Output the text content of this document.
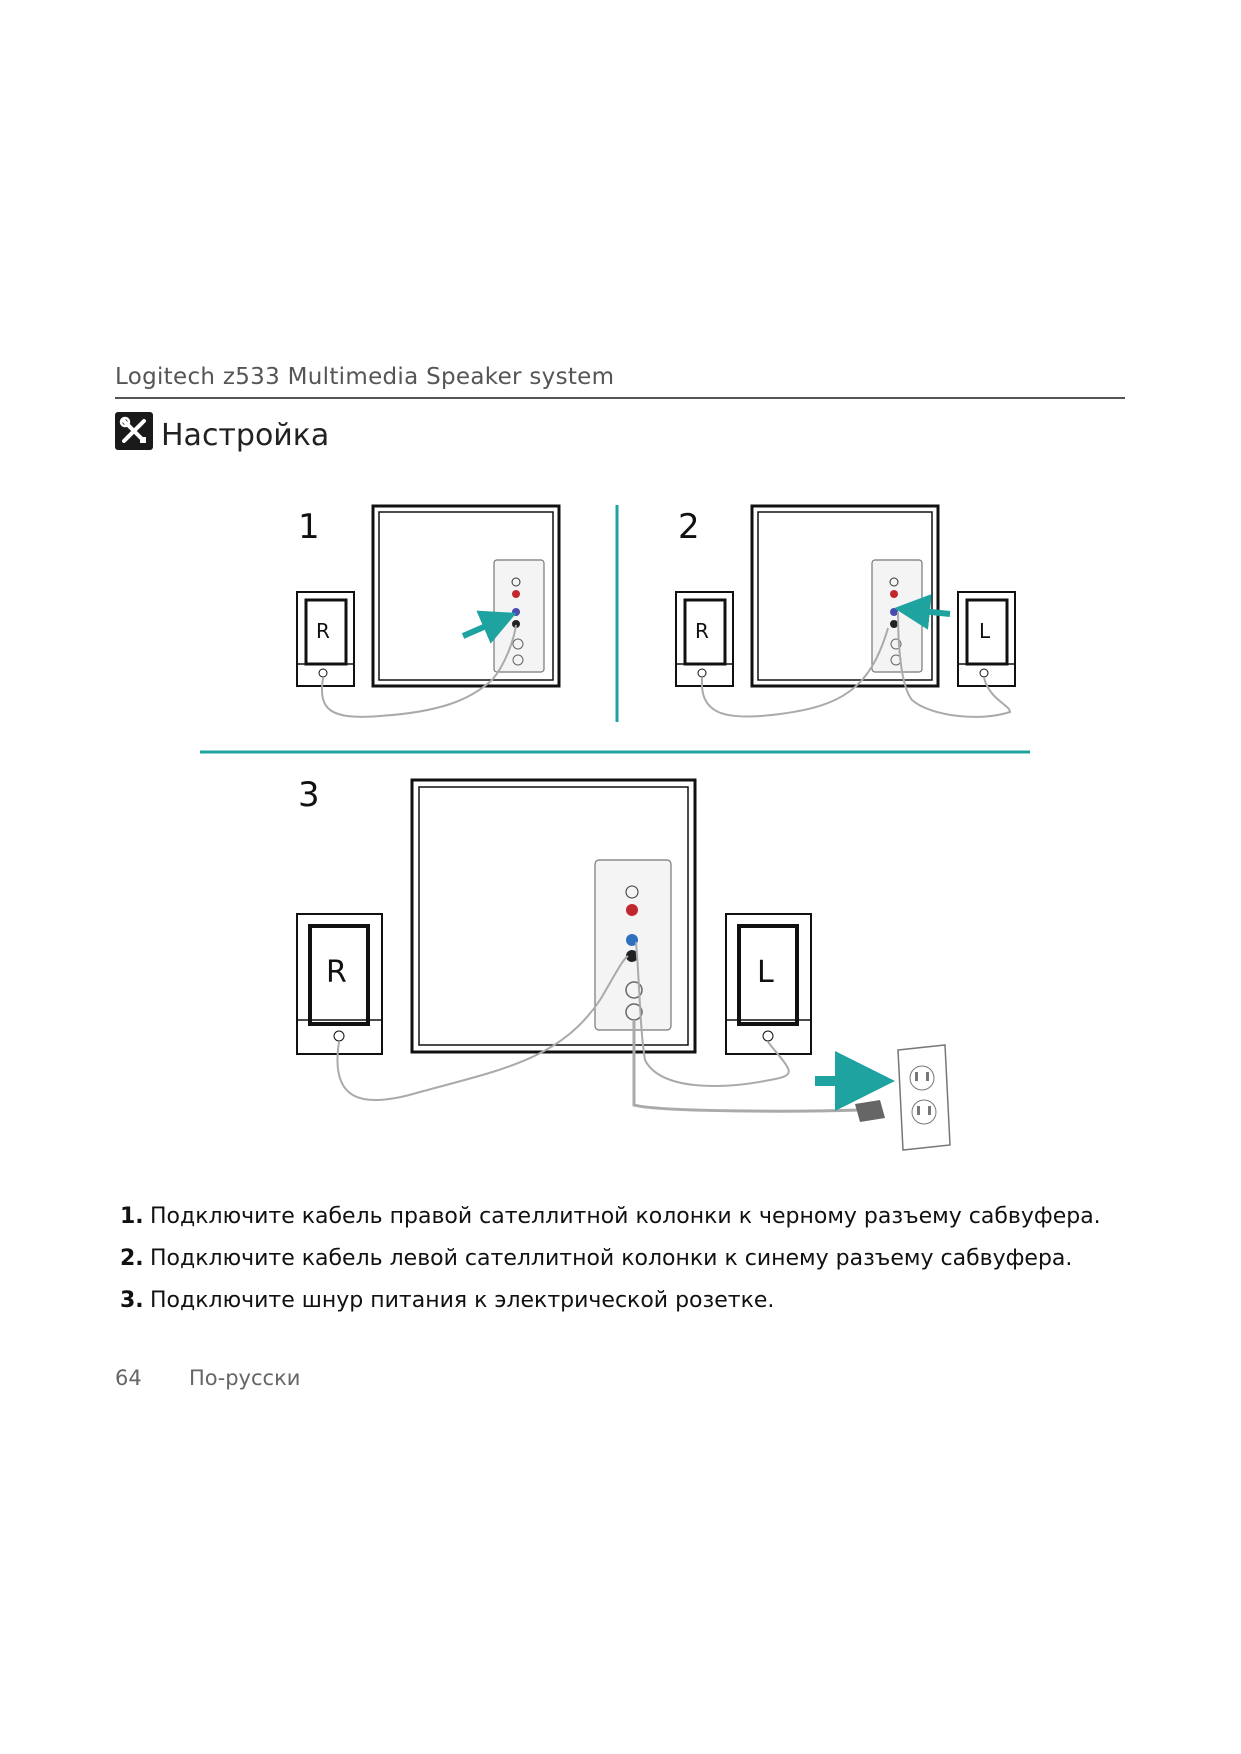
Logitech z533 Multimedia Speaker system
Настройка
1	2
3
R	R	L
R	L
1. Подключите кабель правой сателлитной колонки к черному разъему сабвуфера.
2. Подключите кабель левой сателлитной колонки к синему разъему сабвуфера.
3. Подключите шнур питания к электрической розетке.
64 По-русски
